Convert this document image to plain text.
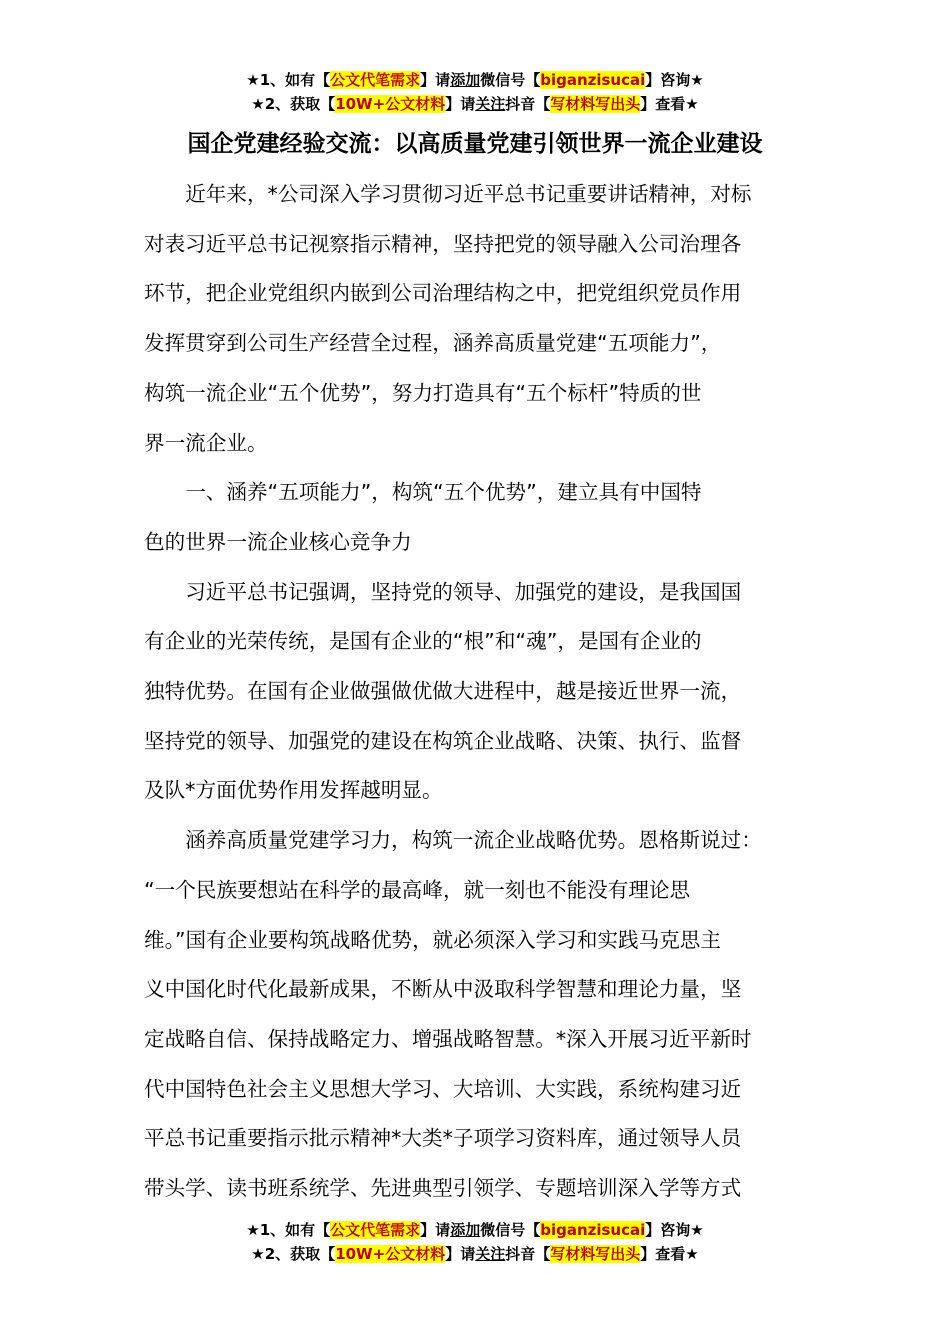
★1、如有【公文代笔需求】请添加微信号【biganzisucai】咨询★
★2、获取【10W+公文材料】请关注抖音【写材料写出头】查看★
国企党建经验交流：以高质量党建引领世界一流企业建设

近年来，*公司深入学习贯彻习近平总书记重要讲话精神，对标
对表习近平总书记视察指示精神，坚持把党的领导融入公司治理各
环节，把企业党组织内嵌到公司治理结构之中，把党组织党员作用
发挥贯穿到公司生产经营全过程，涵养高质量党建“五项能力”，
构筑一流企业“五个优势”，努力打造具有“五个标杆”特质的世
界一流企业。

一、涵养“五项能力”，构筑“五个优势”，建立具有中国特
色的世界一流企业核心竞争力

习近平总书记强调，坚持党的领导、加强党的建设，是我国国
有企业的光荣传统，是国有企业的“根”和“魂”，是国有企业的
独特优势。在国有企业做强做优做大进程中，越是接近世界一流，
坚持党的领导、加强党的建设在构筑企业战略、决策、执行、监督
及队*方面优势作用发挥越明显。

涵养高质量党建学习力，构筑一流企业战略优势。恩格斯说过：
“一个民族要想站在科学的最高峰，就一刻也不能没有理论思
维。”国有企业要构筑战略优势，就必须深入学习和实践马克思主
义中国化时代化最新成果，不断从中汲取科学智慧和理论力量，坚
定战略自信、保持战略定力、增强战略智慧。*深入开展习近平新时
代中国特色社会主义思想大学习、大培训、大实践，系统构建习近
平总书记重要指示批示精神*大类*子项学习资料库，通过领导人员
带头学、读书班系统学、先进典型引领学、专题培训深入学等方式

★1、如有【公文代笔需求】请添加微信号【biganzisucai】咨询★
★2、获取【10W+公文材料】请关注抖音【写材料写出头】查看★
